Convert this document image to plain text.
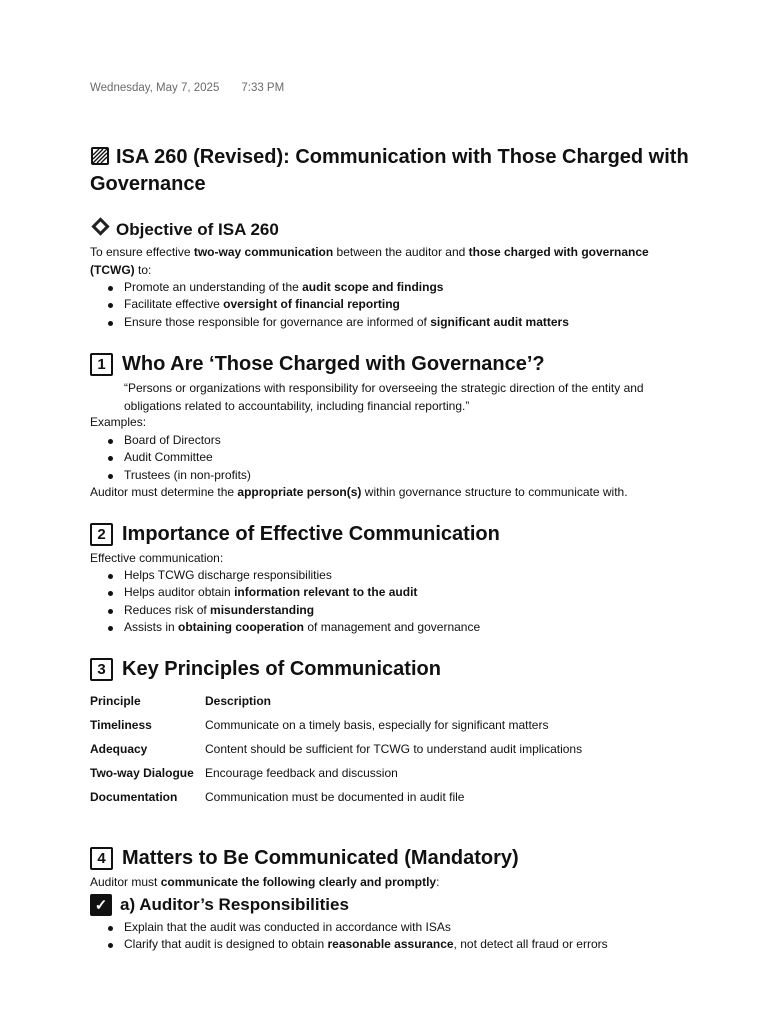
Wednesday, May 7, 2025 7:33 PM
ISA 260 (Revised): Communication with Those Charged with Governance
Objective of ISA 260
To ensure effective two-way communication between the auditor and those charged with governance (TCWG) to:
Promote an understanding of the audit scope and findings
Facilitate effective oversight of financial reporting
Ensure those responsible for governance are informed of significant audit matters
1 Who Are ‘Those Charged with Governance’?
“Persons or organizations with responsibility for overseeing the strategic direction of the entity and obligations related to accountability, including financial reporting.”
Examples:
Board of Directors
Audit Committee
Trustees (in non-profits)
Auditor must determine the appropriate person(s) within governance structure to communicate with.
2 Importance of Effective Communication
Effective communication:
Helps TCWG discharge responsibilities
Helps auditor obtain information relevant to the audit
Reduces risk of misunderstanding
Assists in obtaining cooperation of management and governance
3 Key Principles of Communication
Principle	Description
Timeliness	Communicate on a timely basis, especially for significant matters
Adequacy	Content should be sufficient for TCWG to understand audit implications
Two-way Dialogue	Encourage feedback and discussion
Documentation	Communication must be documented in audit file
4 Matters to Be Communicated (Mandatory)
Auditor must communicate the following clearly and promptly:
✓ a) Auditor’s Responsibilities
Explain that the audit was conducted in accordance with ISAs
Clarify that audit is designed to obtain reasonable assurance, not detect all fraud or errors
